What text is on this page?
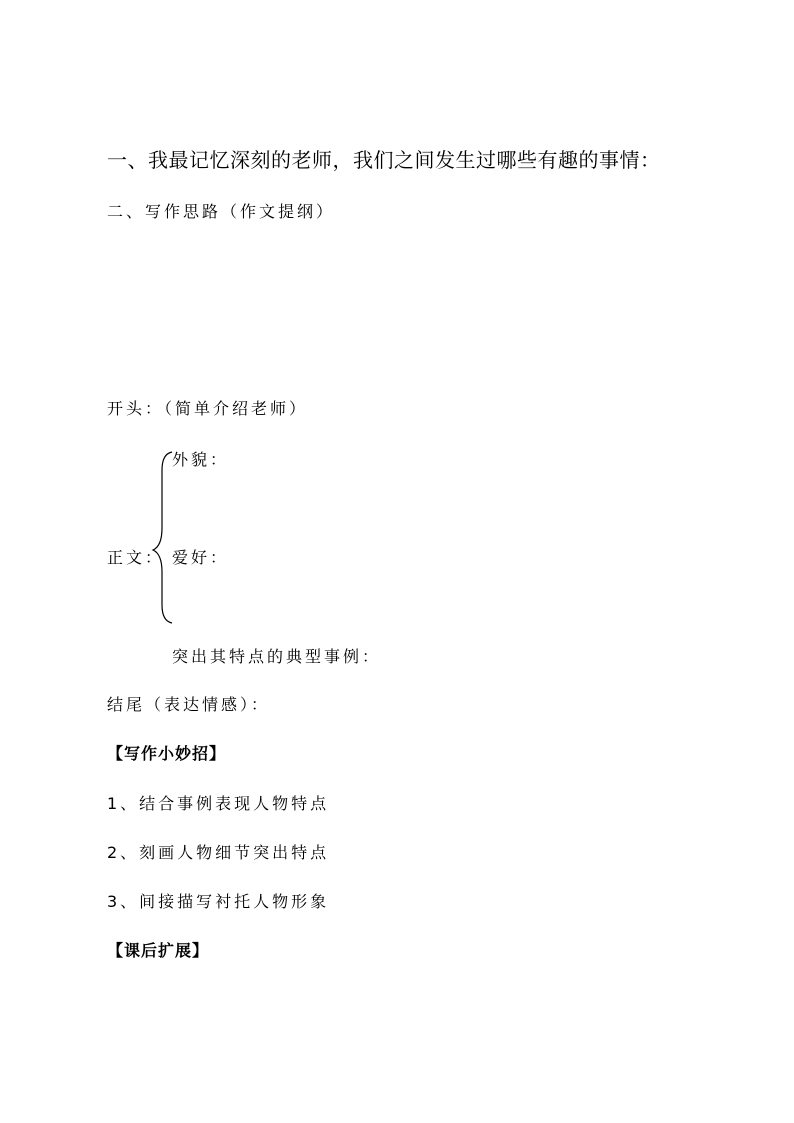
一、我最记忆深刻的老师，我们之间发生过哪些有趣的事情：
二、写作思路（作文提纲）
开头：（简单介绍老师）
外貌：
正文： 爱好：
突出其特点的典型事例：
结尾（表达情感）：
【写作小妙招】
1、结合事例表现人物特点
2、刻画人物细节突出特点
3、间接描写衬托人物形象
【课后扩展】
